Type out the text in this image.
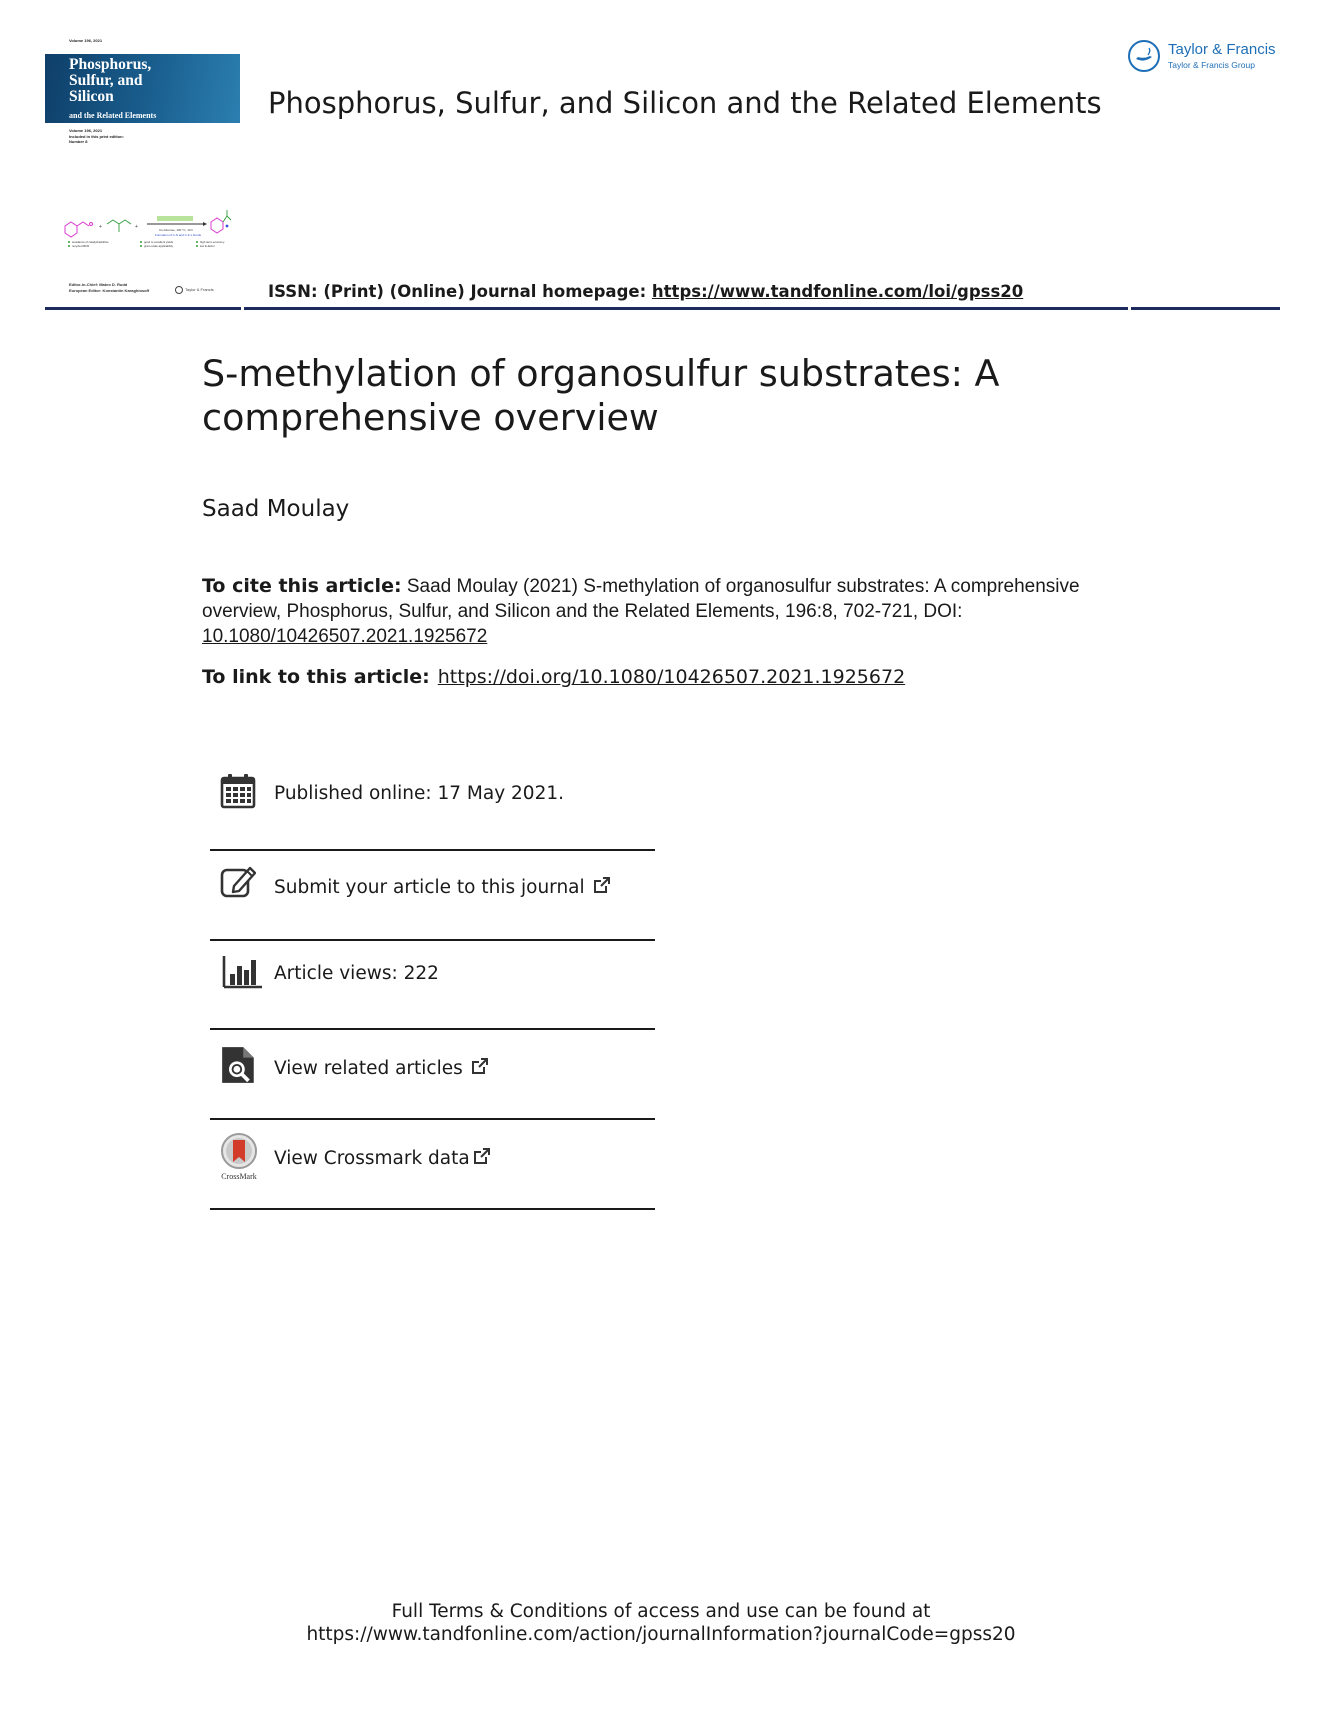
Volume 196, 2021
Phosphorus,
Sulfur, and
Silicon
and the Related Elements
Volume 196, 2021
Included in this print edition:
Number 8
+	+	Cs-Glucose, 100 °C, 10 h
Formation of C-N and C-F s bonds
avoidance of catalyst/additive
recycled BCR
good to excellent yields
gram-scale applicability
high atom economy
low E-factor
Editor-in-Chief: Mateo D. Rudd
European Editor: Konstantin Karaghiosoff	Taylor & Francis
Phosphorus, Sulfur, and Silicon and the Related Elements
Taylor & Francis
Taylor & Francis Group
ISSN: (Print) (Online) Journal homepage: https://www.tandfonline.com/loi/gpss20
S-methylation of organosulfur substrates: A comprehensive overview
Saad Moulay
To cite this article: Saad Moulay (2021) S-methylation of organosulfur substrates: A comprehensive overview, Phosphorus, Sulfur, and Silicon and the Related Elements, 196:8, 702-721, DOI: 10.1080/10426507.2021.1925672
To link to this article: https://doi.org/10.1080/10426507.2021.1925672
Published online: 17 May 2021.
Submit your article to this journal
Article views: 222
View related articles
CrossMark
View Crossmark data
Full Terms & Conditions of access and use can be found at
https://www.tandfonline.com/action/journalInformation?journalCode=gpss20
